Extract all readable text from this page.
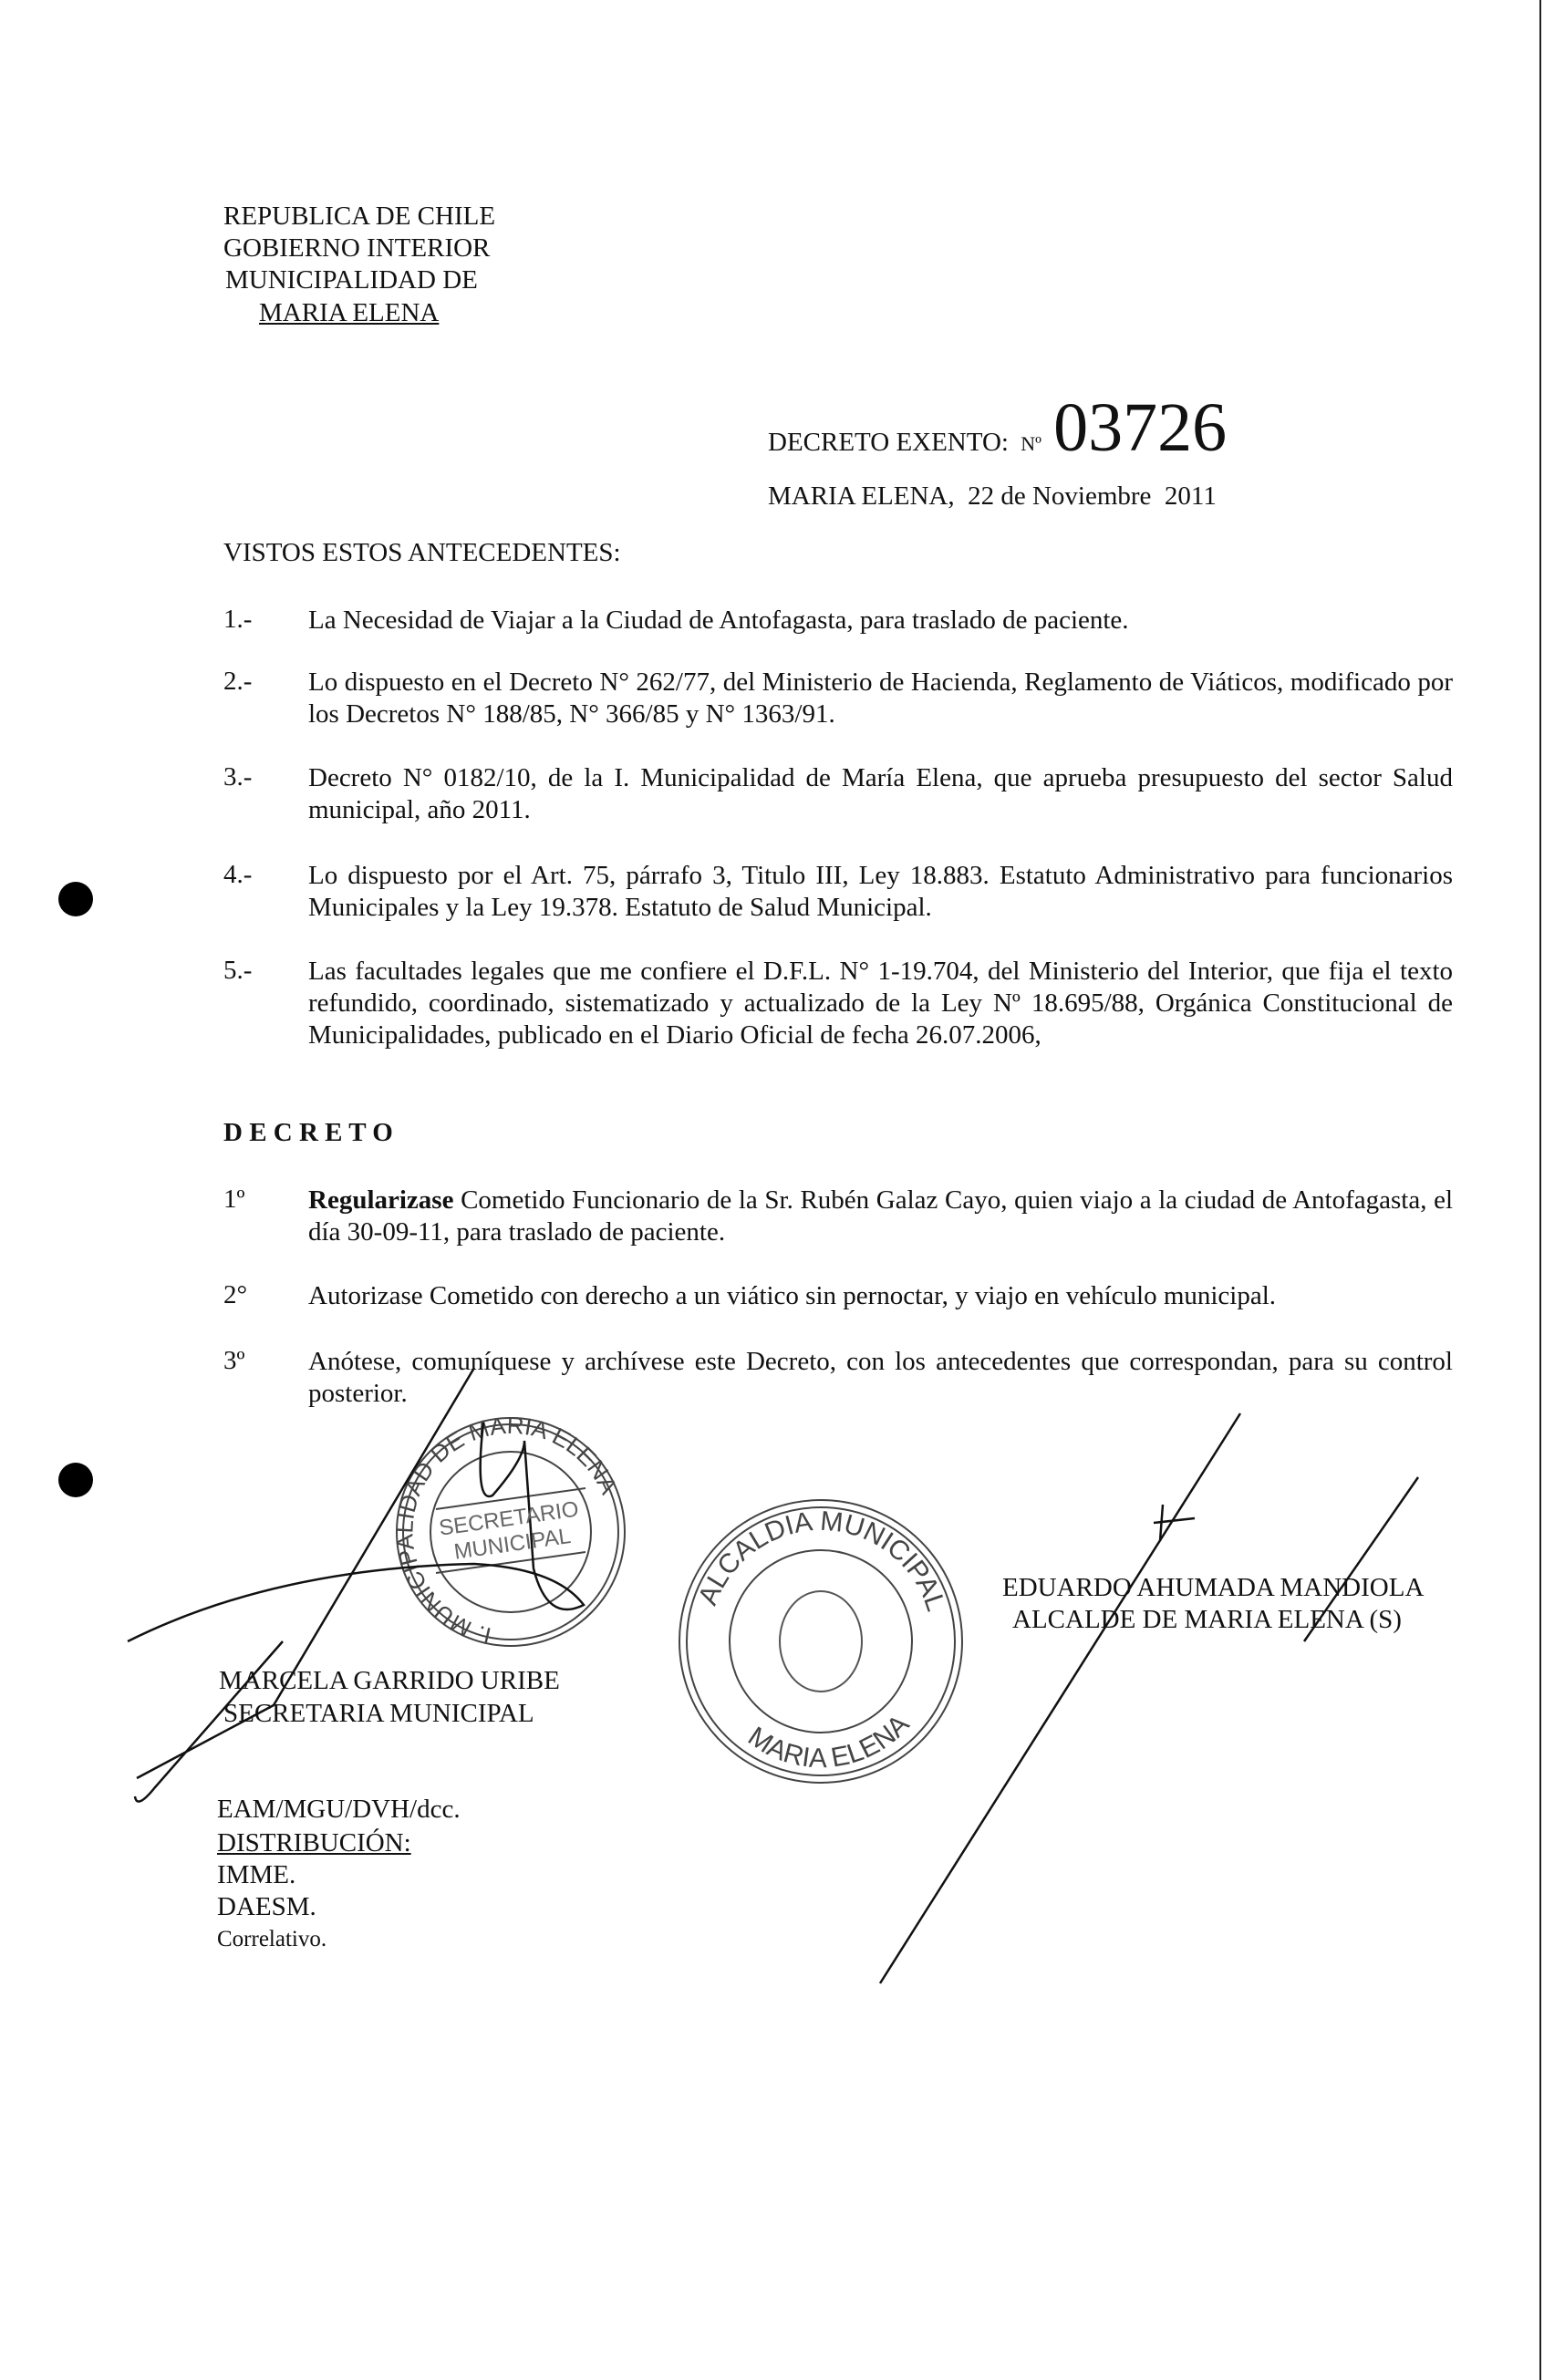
REPUBLICA DE CHILE
GOBIERNO INTERIOR
MUNICIPALIDAD DE
MARIA ELENA
DECRETO EXENTO: Nº 03726
MARIA ELENA,  22 de Noviembre  2011
VISTOS ESTOS ANTECEDENTES:
1.- La Necesidad de Viajar a la Ciudad de Antofagasta, para traslado de paciente.
2.- Lo dispuesto en el Decreto N° 262/77, del Ministerio de Hacienda, Reglamento de Viáticos, modificado por los Decretos N° 188/85, N° 366/85 y N° 1363/91.
3.- Decreto N° 0182/10, de la I. Municipalidad de María Elena, que aprueba presupuesto del sector Salud municipal, año 2011.
4.- Lo dispuesto por el Art. 75, párrafo 3, Titulo III, Ley 18.883. Estatuto Administrativo para funcionarios Municipales y la Ley 19.378. Estatuto de Salud Municipal.
5.- Las facultades legales que me confiere el D.F.L. N° 1-19.704, del Ministerio del Interior, que fija el texto refundido, coordinado, sistematizado y actualizado de la Ley Nº 18.695/88, Orgánica Constitucional de Municipalidades, publicado en el Diario Oficial de fecha 26.07.2006,
D E C R E T O
1º Regularizase Cometido Funcionario de la Sr. Rubén Galaz Cayo, quien viajo a la ciudad de Antofagasta, el día 30-09-11, para traslado de paciente.
2° Autorizase Cometido con derecho a un viático sin pernoctar, y viajo en vehículo municipal.
3º Anótese, comuníquese y archívese este Decreto, con los antecedentes que correspondan, para su control posterior.
I. MUNICIPALIDAD DE MARIA ELENA
ALCALDIA MUNICIPAL
MARIA ELENA
SECRETARIO MUNICIPAL
MARCELA GARRIDO URIBE
SECRETARIA MUNICIPAL
EDUARDO AHUMADA MANDIOLA
ALCALDE DE MARIA ELENA (S)
EAM/MGU/DVH/dcc.
DISTRIBUCIÓN:
IMME.
DAESM.
Correlativo.
